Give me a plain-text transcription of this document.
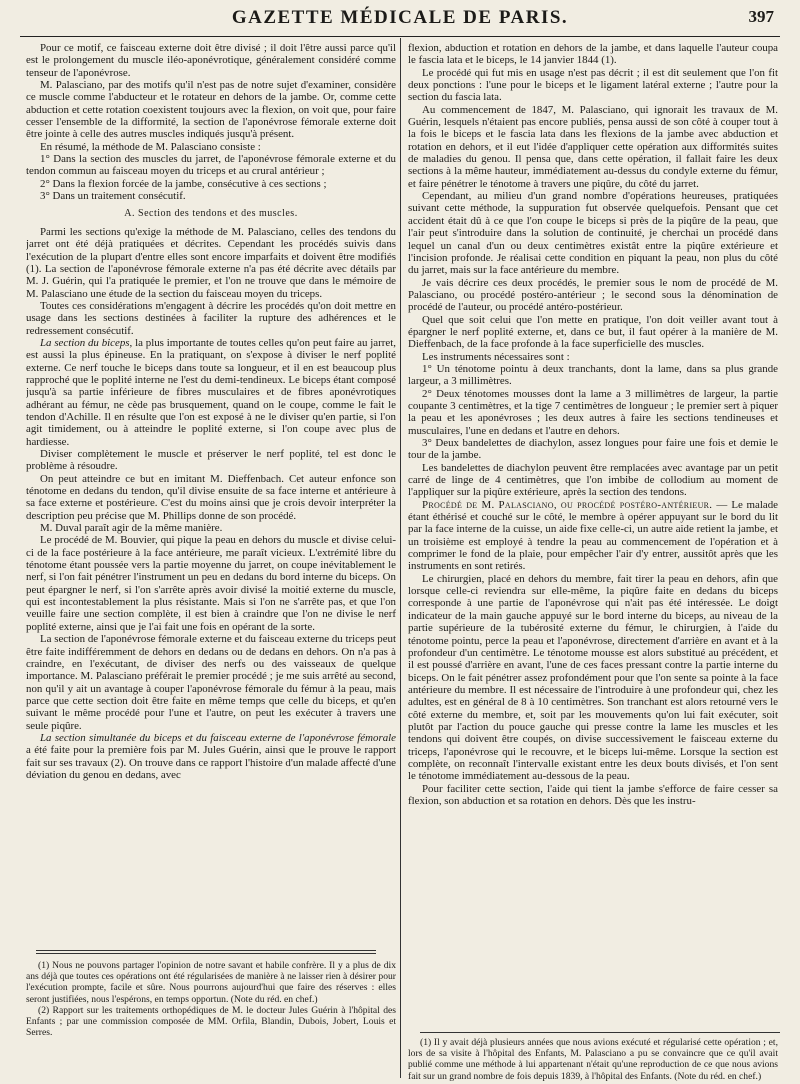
GAZETTE MÉDICALE DE PARIS.	397

Pour ce motif, ce faisceau externe doit être divisé ; il doit l'être aussi parce qu'il est le prolongement du muscle iléo-aponévrotique, généralement considéré comme tenseur de l'aponévrose.

M. Palasciano, par des motifs qu'il n'est pas de notre sujet d'examiner, considère ce muscle comme l'abducteur et le rotateur en dehors de la jambe. Or, comme cette abduction et cette rotation coexistent toujours avec la flexion, on voit que, pour faire cesser l'ensemble de la difformité, la section de l'aponévrose fémorale externe doit être jointe à celle des autres muscles indiqués jusqu'à présent.

En résumé, la méthode de M. Palasciano consiste :

1° Dans la section des muscles du jarret, de l'aponévrose fémorale externe et du tendon commun au faisceau moyen du triceps et au crural antérieur ;

2° Dans la flexion forcée de la jambe, consécutive à ces sections ;

3° Dans un traitement consécutif.

A. Section des tendons et des muscles.

Parmi les sections qu'exige la méthode de M. Palasciano, celles des tendons du jarret ont été déjà pratiquées et décrites. Cependant les procédés suivis dans l'exécution de la plupart d'entre elles sont encore imparfaits et doivent être modifiés (1). La section de l'aponévrose fémorale externe n'a pas été décrite avec détails par M. J. Guérin, qui l'a pratiquée le premier, et l'on ne trouve que dans le mémoire de M. Palasciano une étude de la section du faisceau moyen du triceps.

Toutes ces considérations m'engagent à décrire les procédés qu'on doit mettre en usage dans les sections destinées à faciliter la rupture des adhérences et le redressement consécutif.

La section du biceps, la plus importante de toutes celles qu'on peut faire au jarret, est aussi la plus épineuse. En la pratiquant, on s'expose à diviser le nerf poplité externe. Ce nerf touche le biceps dans toute sa longueur, et il en est beaucoup plus rapproché que le poplité interne ne l'est du demi-tendineux. Le biceps étant composé jusqu'à sa partie inférieure de fibres musculaires et de fibres aponévrotiques adhérant au fémur, ne cède pas brusquement, quand on le coupe, comme le fait le tendon d'Achille. Il en résulte que l'on est exposé à ne le diviser qu'en partie, si l'on agit timidement, ou à atteindre le poplité externe, si l'on coupe avec plus de hardiesse.

Diviser complètement le muscle et préserver le nerf poplité, tel est donc le problème à résoudre.

On peut atteindre ce but en imitant M. Dieffenbach. Cet auteur enfonce son ténotome en dedans du tendon, qu'il divise ensuite de sa face interne et antérieure à sa face externe et postérieure. C'est du moins ainsi que je crois devoir interpréter la description peu précise que M. Phillips donne de son procédé.

M. Duval paraît agir de la même manière.

Le procédé de M. Bouvier, qui pique la peau en dehors du muscle et divise celui-ci de la face postérieure à la face antérieure, me paraît vicieux. L'extrémité libre du ténotome étant poussée vers la partie moyenne du jarret, on coupe inévitablement le nerf, si l'on fait pénétrer l'instrument un peu en dedans du bord interne du biceps. On peut épargner le nerf, si l'on s'arrête après avoir divisé la moitié externe du muscle, qui est incontestablement la plus résistante. Mais si l'on ne s'arrête pas, et que l'on veuille faire une section complète, il est bien à craindre que l'on ne divise le nerf poplité externe, ainsi que je l'ai fait une fois en opérant de la sorte.

La section de l'aponévrose fémorale externe et du faisceau externe du triceps peut être faite indifféremment de dehors en dedans ou de dedans en dehors. On n'a pas à craindre, en l'exécutant, de diviser des nerfs ou des vaisseaux de quelque importance. M. Palasciano préférait le premier procédé ; je me suis arrêté au second, non qu'il y ait un avantage à couper l'aponévrose fémorale du fémur à la peau, mais parce que cette section doit être faite en même temps que celle du biceps, et qu'en suivant le même procédé pour l'une et l'autre, on peut les exécuter à travers une seule piqûre.

La section simultanée du biceps et du faisceau externe de l'aponévrose fémorale a été faite pour la première fois par M. Jules Guérin, ainsi que le prouve le rapport fait sur ses travaux (2). On trouve dans ce rapport l'histoire d'un malade affecté d'une déviation du genou en dedans, avec

(1) Nous ne pouvons partager l'opinion de notre savant et habile confrère. Il y a plus de dix ans déjà que toutes ces opérations ont été régularisées de manière à ne laisser rien à désirer pour l'exécution prompte, facile et sûre. Nous pourrons aujourd'hui que faire des réserves : elles seront justifiées, nous l'espérons, en temps opportun. (Note du réd. en chef.)

(2) Rapport sur les traitements orthopédiques de M. le docteur Jules Guérin à l'hôpital des Enfants ; par une commission composée de MM. Orfila, Blandin, Dubois, Jobert, Louis et Serres.

flexion, abduction et rotation en dehors de la jambe, et dans laquelle l'auteur coupa le fascia lata et le biceps, le 14 janvier 1844 (1).

Le procédé qui fut mis en usage n'est pas décrit ; il est dit seulement que l'on fit deux ponctions : l'une pour le biceps et le ligament latéral externe ; l'autre pour la section du fascia lata.

Au commencement de 1847, M. Palasciano, qui ignorait les travaux de M. Guérin, lesquels n'étaient pas encore publiés, pensa aussi de son côté à couper tout à la fois le biceps et le fascia lata dans les flexions de la jambe avec abduction et rotation en dehors, et il eut l'idée d'appliquer cette opération aux difformités suites de maladies du genou. Il pensa que, dans cette opération, il fallait faire les deux sections à la même hauteur, immédiatement au-dessus du condyle externe du fémur, et faire pénétrer le ténotome à travers une piqûre, du côté du jarret.

Cependant, au milieu d'un grand nombre d'opérations heureuses, pratiquées suivant cette méthode, la suppuration fut observée quelquefois. Pensant que cet accident était dû à ce que l'on coupe le biceps si près de la piqûre de la peau, que l'air peut s'introduire dans la solution de continuité, je cherchai un procédé dans lequel un canal d'un ou deux centimètres existât entre la piqûre extérieure et l'incision profonde. Je réalisai cette condition en piquant la peau, non plus du côté du jarret, mais sur la face antérieure du membre.

Je vais décrire ces deux procédés, le premier sous le nom de procédé de M. Palasciano, ou procédé postéro-antérieur ; le second sous la dénomination de procédé de l'auteur, ou procédé antéro-postérieur.

Quel que soit celui que l'on mette en pratique, l'on doit veiller avant tout à épargner le nerf poplité externe, et, dans ce but, il faut opérer à la manière de M. Dieffenbach, de la face profonde à la face superficielle des muscles.

Les instruments nécessaires sont :

1° Un ténotome pointu à deux tranchants, dont la lame, dans sa plus grande largeur, a 3 millimètres.

2° Deux ténotomes mousses dont la lame a 3 millimètres de largeur, la partie coupante 3 centimètres, et la tige 7 centimètres de longueur ; le premier sert à piquer la peau et les aponévroses ; les deux autres à faire les sections tendineuses et musculaires, l'une en dedans et l'autre en dehors.

3° Deux bandelettes de diachylon, assez longues pour faire une fois et demie le tour de la jambe.

Les bandelettes de diachylon peuvent être remplacées avec avantage par un petit carré de linge de 4 centimètres, que l'on imbibe de collodium au moment de l'appliquer sur la piqûre extérieure, après la section des tendons.

Procédé de M. Palasciano, ou procédé postéro-antérieur. — Le malade étant éthérisé et couché sur le côté, le membre à opérer appuyant sur le bord du lit par la face interne de la cuisse, un aide fixe celle-ci, un autre aide retient la jambe, et un troisième est employé à tendre la peau au commencement de l'opération et à comprimer le fond de la plaie, pour empêcher l'air d'y entrer, aussitôt après que les instruments en sont retirés.

Le chirurgien, placé en dehors du membre, fait tirer la peau en dehors, afin que lorsque celle-ci reviendra sur elle-même, la piqûre faite en dedans du biceps corresponde à une partie de l'aponévrose qui n'ait pas été intéressée. Le doigt indicateur de la main gauche appuyé sur le bord interne du biceps, au niveau de la partie supérieure de la tubérosité externe du fémur, le chirurgien, à l'aide du ténotome pointu, perce la peau et l'aponévrose, directement d'arrière en avant et à la profondeur d'un centimètre. Le ténotome mousse est alors substitué au précédent, et il est poussé d'arrière en avant, l'une de ces faces pressant contre la partie interne du biceps. On le fait pénétrer assez profondément pour que l'on sente sa pointe à la face antérieure du membre. Il est nécessaire de l'introduire à une profondeur qui, chez les adultes, est en général de 8 à 10 centimètres. Son tranchant est alors retourné vers le côté externe du membre, et, soit par les mouvements qu'on lui fait exécuter, soit plutôt par l'action du pouce gauche qui presse contre la lame les muscles et les tendons qui doivent être coupés, on divise successivement le faisceau externe du triceps, l'aponévrose qui le recouvre, et le biceps lui-même. Lorsque la section est complète, on reconnaît l'intervalle existant entre les deux bouts divisés, et l'on sent le ténotome immédiatement au-dessous de la peau.

Pour faciliter cette section, l'aide qui tient la jambe s'efforce de faire cesser sa flexion, son abduction et sa rotation en dehors. Dès que les instru-

(1) Il y avait déjà plusieurs années que nous avions exécuté et régularisé cette opération ; et, lors de sa visite à l'hôpital des Enfants, M. Palasciano a pu se convaincre que ce qu'il avait publié comme une méthode à lui appartenant n'était qu'une reproduction de ce que nous avions fait sur un grand nombre de fois depuis 1839, à l'hôpital des Enfants. (Note du réd. en chef.)
